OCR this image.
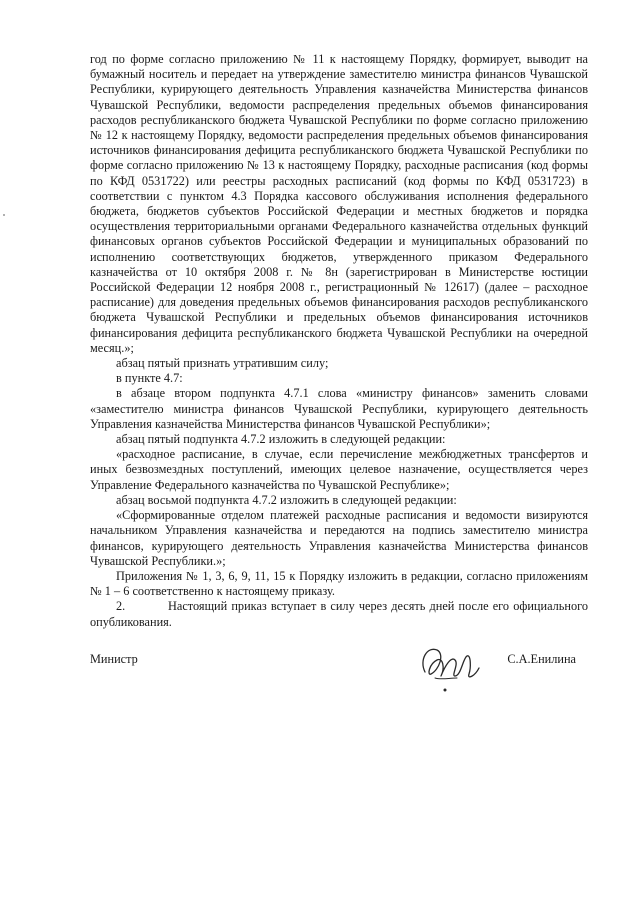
год по форме согласно приложению № 11 к настоящему Порядку, формирует, выводит на бумажный носитель и передает на утверждение заместителю министра финансов Чувашской Республики, курирующего деятельность Управления казначейства Министерства финансов Чувашской Республики, ведомости распределения предельных объемов финансирования расходов республиканского бюджета Чувашской Республики по форме согласно приложению № 12 к настоящему Порядку, ведомости распределения предельных объемов финансирования источников финансирования дефицита республиканского бюджета Чувашской Республики по форме согласно приложению № 13 к настоящему Порядку, расходные расписания (код формы по КФД 0531722) или реестры расходных расписаний (код формы по КФД 0531723) в соответствии с пунктом 4.3 Порядка кассового обслуживания исполнения федерального бюджета, бюджетов субъектов Российской Федерации и местных бюджетов и порядка осуществления территориальными органами Федерального казначейства отдельных функций финансовых органов субъектов Российской Федерации и муниципальных образований по исполнению соответствующих бюджетов, утвержденного приказом Федерального казначейства от 10 октября 2008 г. № 8н (зарегистрирован в Министерстве юстиции Российской Федерации 12 ноября 2008 г., регистрационный № 12617) (далее – расходное расписание) для доведения предельных объемов финансирования расходов республиканского бюджета Чувашской Республики и предельных объемов финансирования источников финансирования дефицита республиканского бюджета Чувашской Республики на очередной месяц.»;

абзац пятый признать утратившим силу;

в пункте 4.7:

в абзаце втором подпункта 4.7.1 слова «министру финансов» заменить словами «заместителю министра финансов Чувашской Республики, курирующего деятельность Управления казначейства Министерства финансов Чувашской Республики»;

абзац пятый подпункта 4.7.2 изложить в следующей редакции:

«расходное расписание, в случае, если перечисление межбюджетных трансфертов и иных безвозмездных поступлений, имеющих целевое назначение, осуществляется через Управление Федерального казначейства по Чувашской Республике»;

абзац восьмой подпункта 4.7.2 изложить в следующей редакции:

«Сформированные отделом платежей расходные расписания и ведомости визируются начальником Управления казначейства и передаются на подпись заместителю министра финансов, курирующего деятельность Управления казначейства Министерства финансов Чувашской Республики.»;

Приложения № 1, 3, 6, 9, 11, 15 к Порядку изложить в редакции, согласно приложениям № 1 – 6 соответственно к настоящему приказу.

2.	Настоящий приказ вступает в силу через десять дней после его официального опубликования.

Министр	С.А.Енилина
